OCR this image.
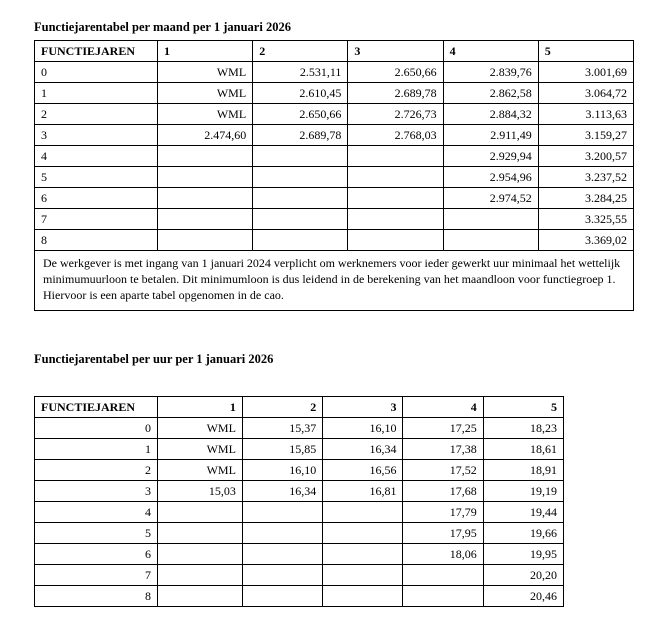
Functiejarentabel per maand per 1 januari 2026
FUNCTIEJAREN	1	2	3	4	5
0	WML	2.531,11	2.650,66	2.839,76	3.001,69
1	WML	2.610,45	2.689,78	2.862,58	3.064,72
2	WML	2.650,66	2.726,73	2.884,32	3.113,63
3	2.474,60	2.689,78	2.768,03	2.911,49	3.159,27
4				2.929,94	3.200,57
5				2.954,96	3.237,52
6				2.974,52	3.284,25
7					3.325,55
8					3.369,02
De werkgever is met ingang van 1 januari 2024 verplicht om werknemers voor ieder gewerkt uur minimaal het wettelijk minimumuurloon te betalen. Dit minimumloon is dus leidend in de berekening van het maandloon voor functiegroep 1. Hiervoor is een aparte tabel opgenomen in de cao.					
Functiejarentabel per uur per 1 januari 2026
FUNCTIEJAREN	1	2	3	4	5
0	WML	15,37	16,10	17,25	18,23
1	WML	15,85	16,34	17,38	18,61
2	WML	16,10	16,56	17,52	18,91
3	15,03	16,34	16,81	17,68	19,19
4				17,79	19,44
5				17,95	19,66
6				18,06	19,95
7					20,20
8					20,46
